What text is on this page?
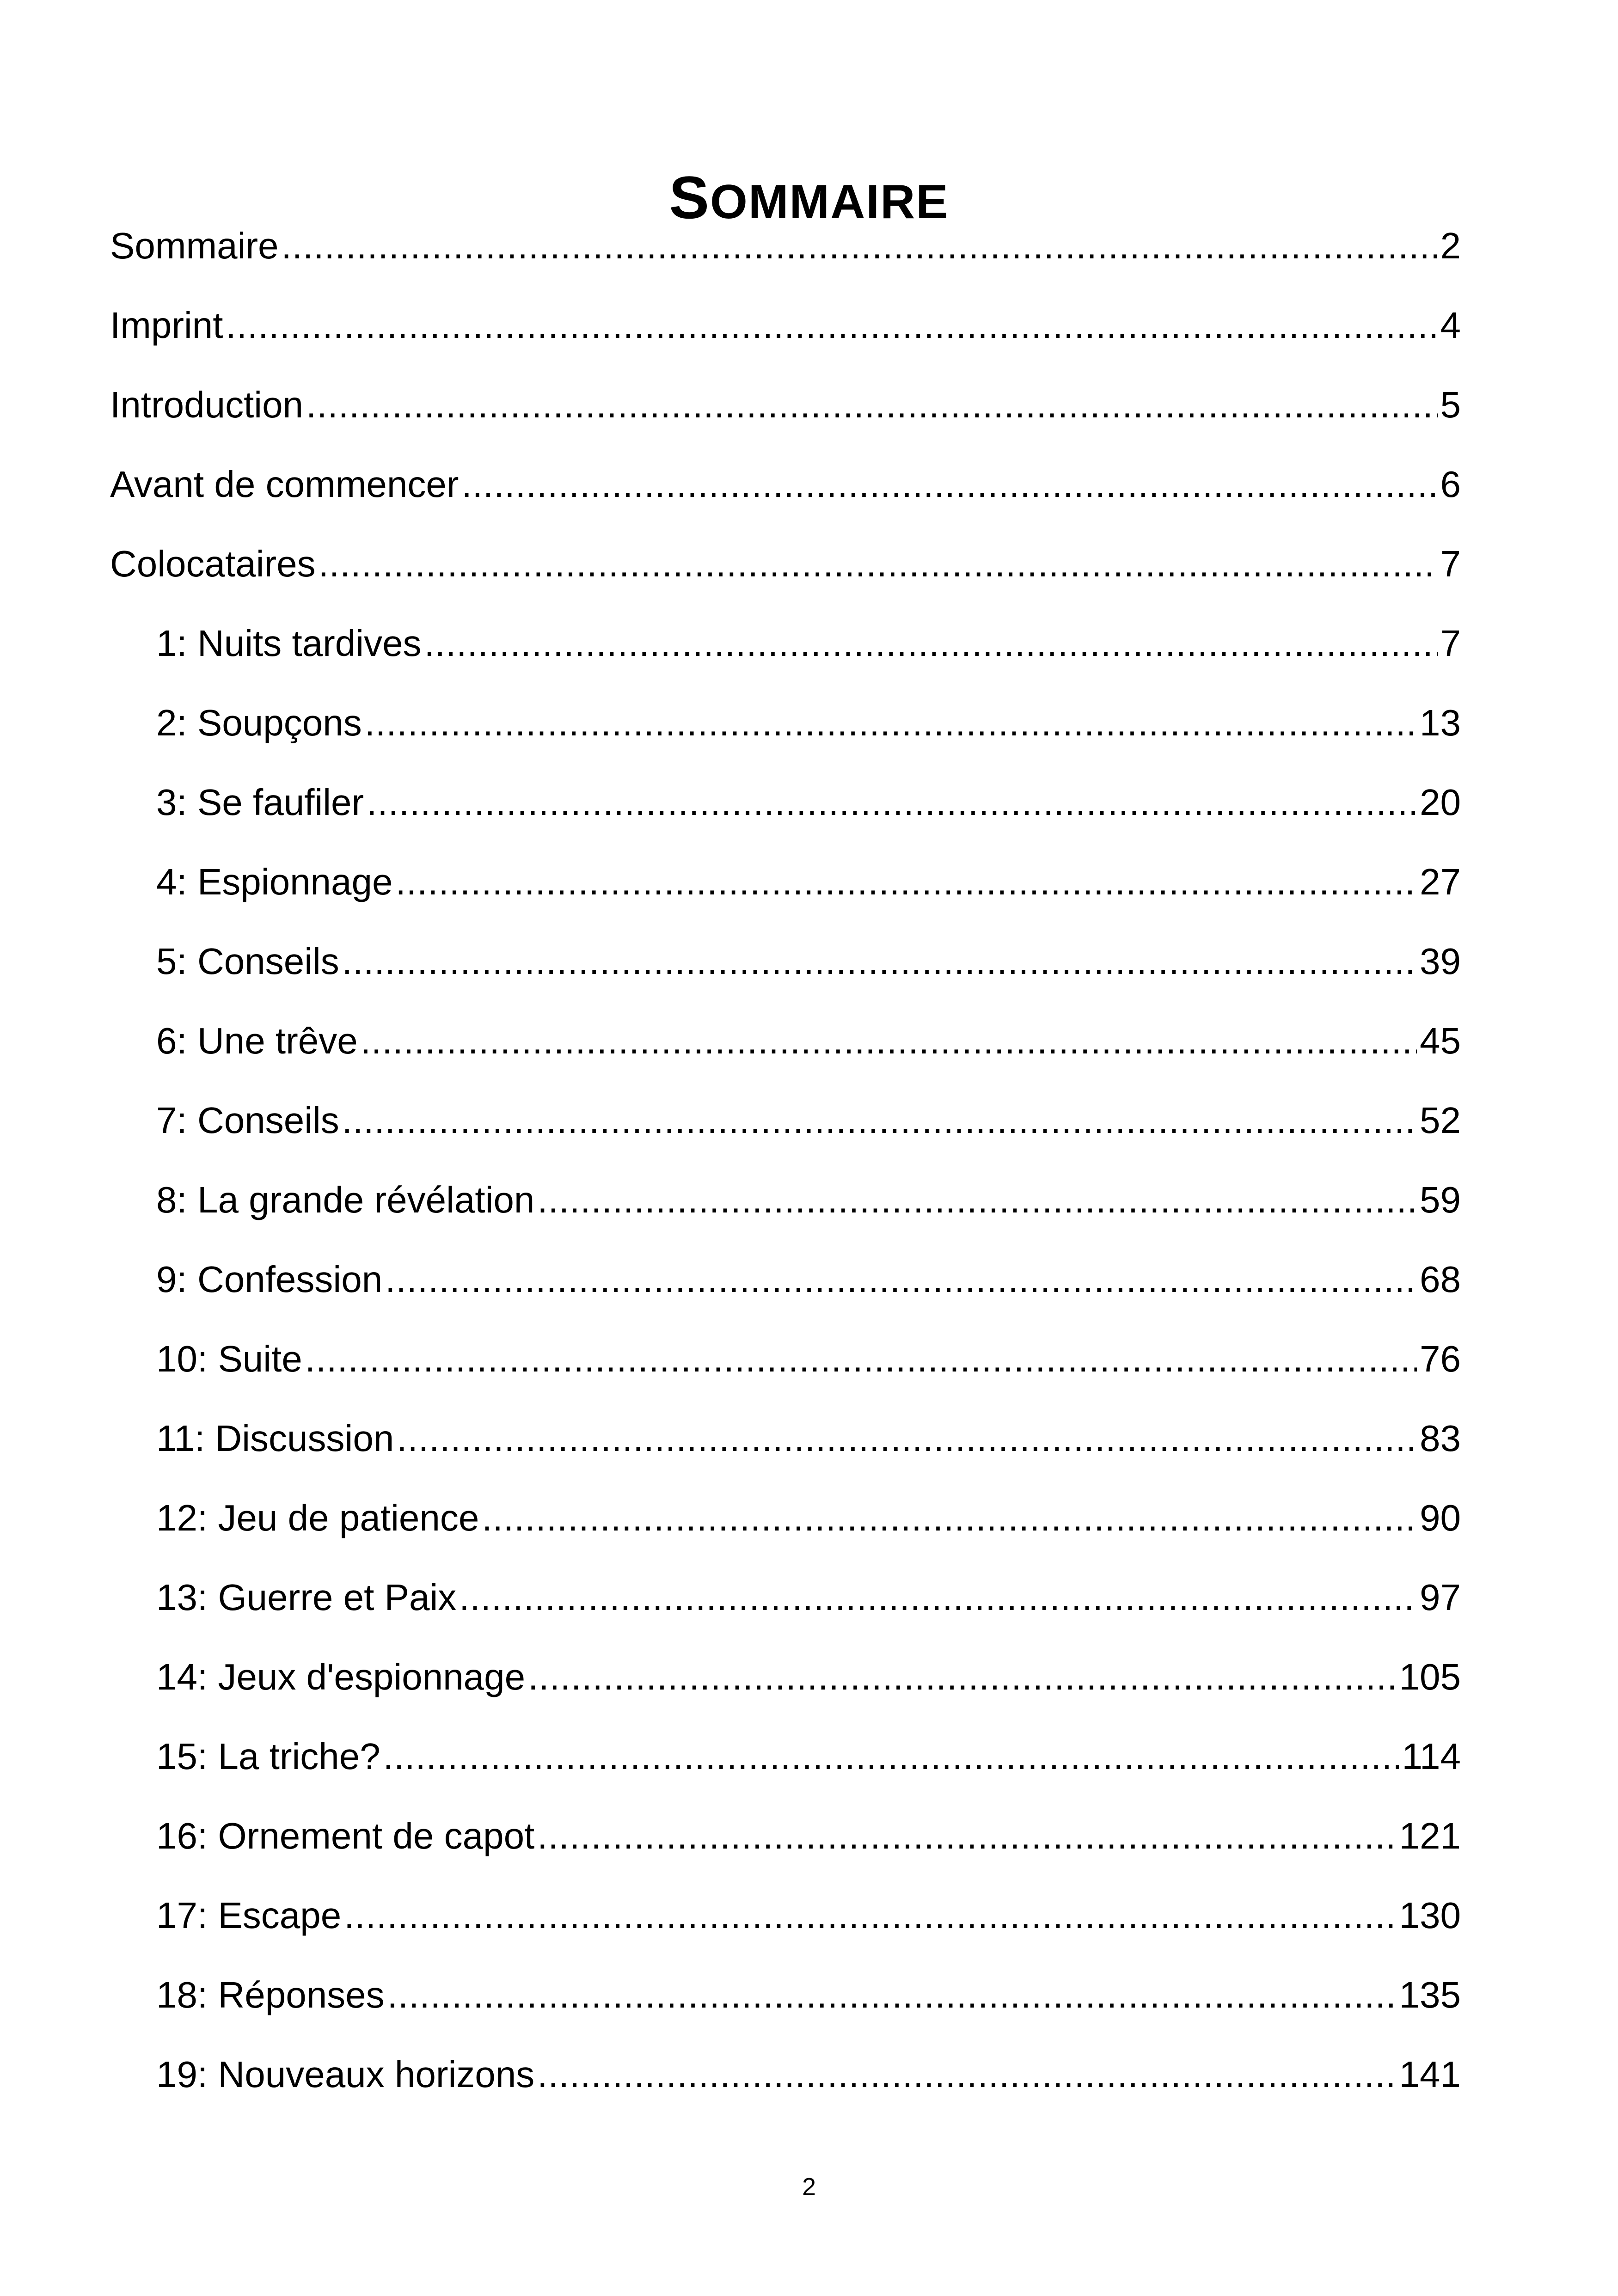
SOMMAIRE
Sommaire .....	2
Imprint .....	4
Introduction .....	5
Avant de commencer .....	6
Colocataires .....	7
1: Nuits tardives .....	7
2: Soupçons .....	13
3: Se faufiler .....	20
4: Espionnage .....	27
5: Conseils .....	39
6: Une trêve .....	45
7: Conseils .....	52
8: La grande révélation .....	59
9: Confession .....	68
10: Suite .....	76
11: Discussion .....	83
12: Jeu de patience .....	90
13: Guerre et Paix .....	97
14: Jeux d'espionnage .....	105
15: La triche? .....	114
16: Ornement de capot .....	121
17: Escape .....	130
18: Réponses .....	135
19: Nouveaux horizons .....	141
2
